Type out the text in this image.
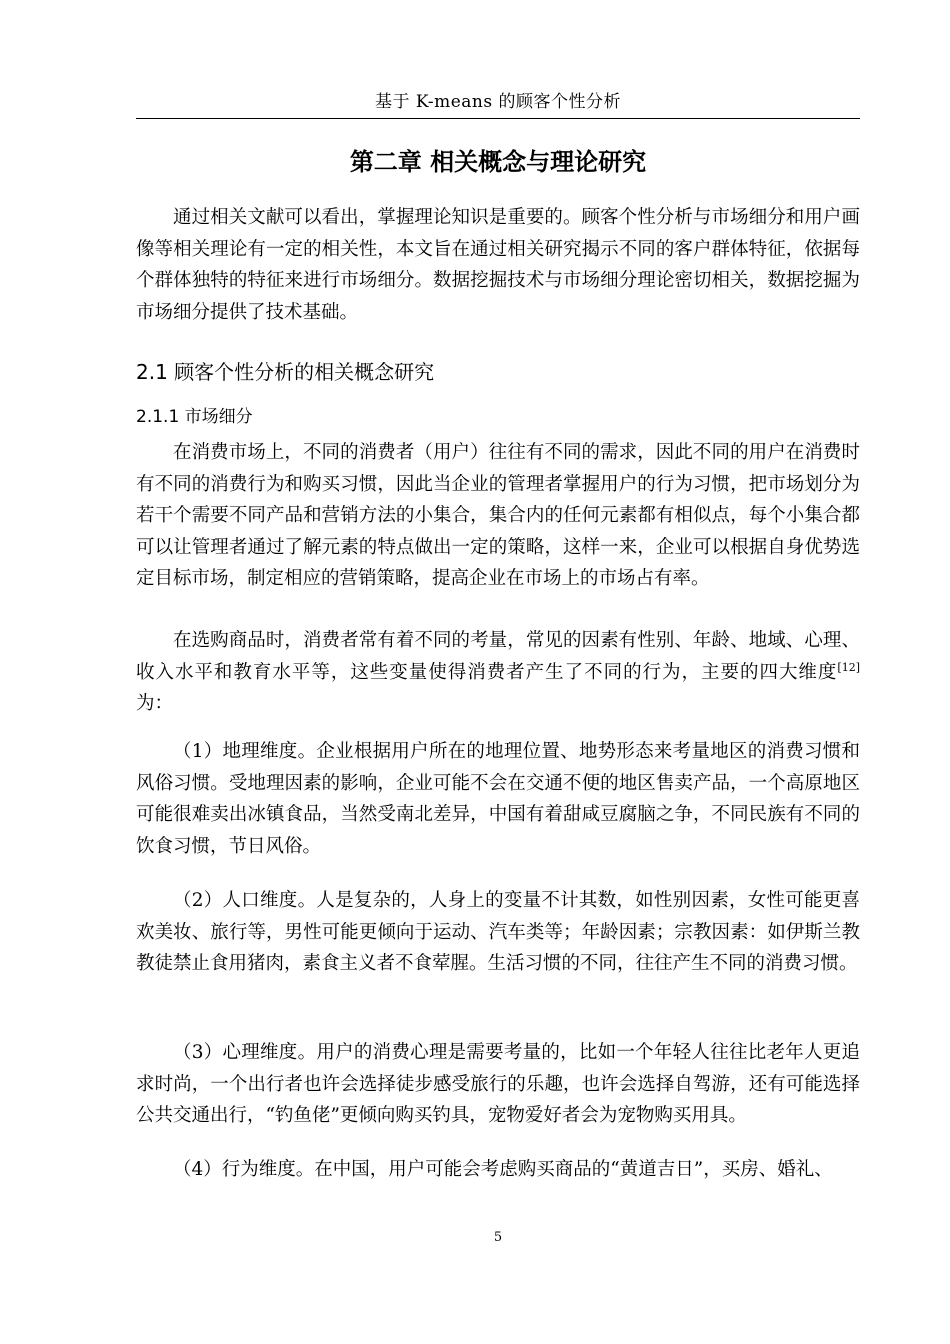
基于 K-means 的顾客个性分析
第二章 相关概念与理论研究

通过相关文献可以看出，掌握理论知识是重要的。顾客个性分析与市场细分和用户画像等相关理论有一定的相关性，本文旨在通过相关研究揭示不同的客户群体特征，依据每个群体独特的特征来进行市场细分。数据挖掘技术与市场细分理论密切相关，数据挖掘为市场细分提供了技术基础。

2.1 顾客个性分析的相关概念研究
2.1.1 市场细分

在消费市场上，不同的消费者（用户）往往有不同的需求，因此不同的用户在消费时有不同的消费行为和购买习惯，因此当企业的管理者掌握用户的行为习惯，把市场划分为若干个需要不同产品和营销方法的小集合，集合内的任何元素都有相似点，每个小集合都可以让管理者通过了解元素的特点做出一定的策略，这样一来，企业可以根据自身优势选定目标市场，制定相应的营销策略，提高企业在市场上的市场占有率。

在选购商品时，消费者常有着不同的考量，常见的因素有性别、年龄、地域、心理、收入水平和教育水平等，这些变量使得消费者产生了不同的行为，主要的四大维度[12]为：

（1）地理维度。企业根据用户所在的地理位置、地势形态来考量地区的消费习惯和风俗习惯。受地理因素的影响，企业可能不会在交通不便的地区售卖产品，一个高原地区可能很难卖出冰镇食品，当然受南北差异，中国有着甜咸豆腐脑之争，不同民族有不同的饮食习惯，节日风俗。

（2）人口维度。人是复杂的，人身上的变量不计其数，如性别因素，女性可能更喜欢美妆、旅行等，男性可能更倾向于运动、汽车类等；年龄因素；宗教因素：如伊斯兰教教徒禁止食用猪肉，素食主义者不食荤腥。生活习惯的不同，往往产生不同的消费习惯。

（3）心理维度。用户的消费心理是需要考量的，比如一个年轻人往往比老年人更追求时尚，一个出行者也许会选择徒步感受旅行的乐趣，也许会选择自驾游，还有可能选择公共交通出行，“钓鱼佬”更倾向购买钓具，宠物爱好者会为宠物购买用具。

（4）行为维度。在中国，用户可能会考虑购买商品的“黄道吉日”，买房、婚礼、

5
